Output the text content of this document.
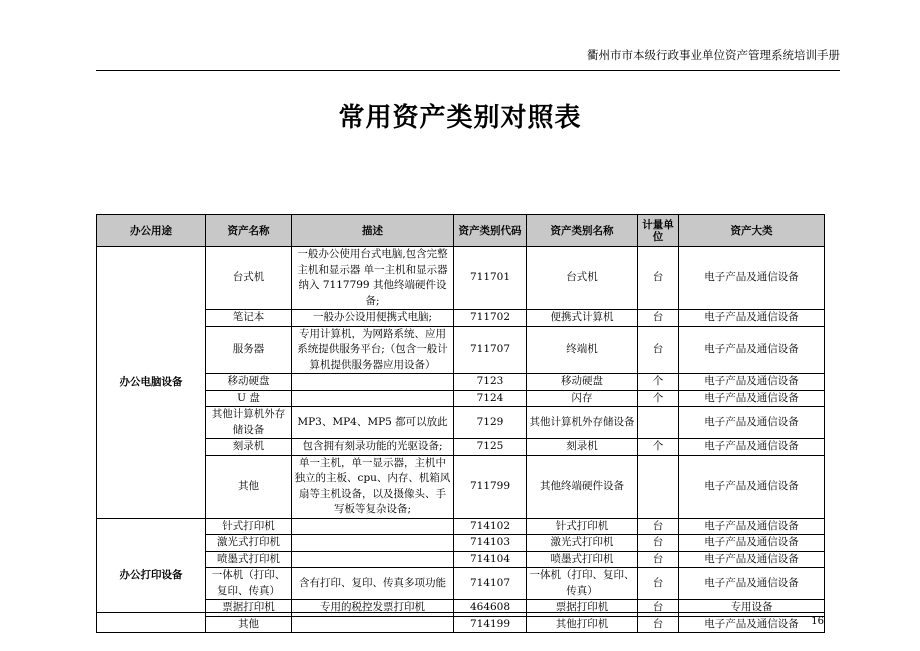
衢州市市本级行政事业单位资产管理系统培训手册
常用资产类别对照表
办公用途	资产名称	描述	资产类别代码	资产类别名称	计量单位	资产大类
办公电脑设备	台式机	一般办公使用台式电脑,包含完整主机和显示器 单一主机和显示器纳入 7117799 其他终端硬件设备;	711701	台式机	台	电子产品及通信设备
	笔记本	一般办公设用便携式电脑;	711702	便携式计算机	台	电子产品及通信设备
	服务器	专用计算机，为网路系统、应用系统提供服务平台;（包含一般计算机提供服务器应用设备）	711707	终端机	台	电子产品及通信设备
	移动硬盘		7123	移动硬盘	个	电子产品及通信设备
	U 盘		7124	闪存	个	电子产品及通信设备
	其他计算机外存储设备	MP3、MP4、MP5 都可以放此	7129	其他计算机外存储设备		电子产品及通信设备
	刻录机	包含拥有刻录功能的光驱设备;	7125	刻录机	个	电子产品及通信设备
	其他	单一主机，单一显示器，主机中独立的主板、cpu、内存、机箱风扇等主机设备，以及摄像头、手写板等复杂设备;	711799	其他终端硬件设备		电子产品及通信设备
办公打印设备	针式打印机		714102	针式打印机	台	电子产品及通信设备
	激光式打印机		714103	激光式打印机	台	电子产品及通信设备
	喷墨式打印机		714104	喷墨式打印机	台	电子产品及通信设备
	一体机（打印、复印、传真）	含有打印、复印、传真多项功能	714107	一体机（打印、复印、传真）	台	电子产品及通信设备
	票据打印机	专用的税控发票打印机	464608	票据打印机	台	专用设备
	其他		714199	其他打印机	台	电子产品及通信设备 16
